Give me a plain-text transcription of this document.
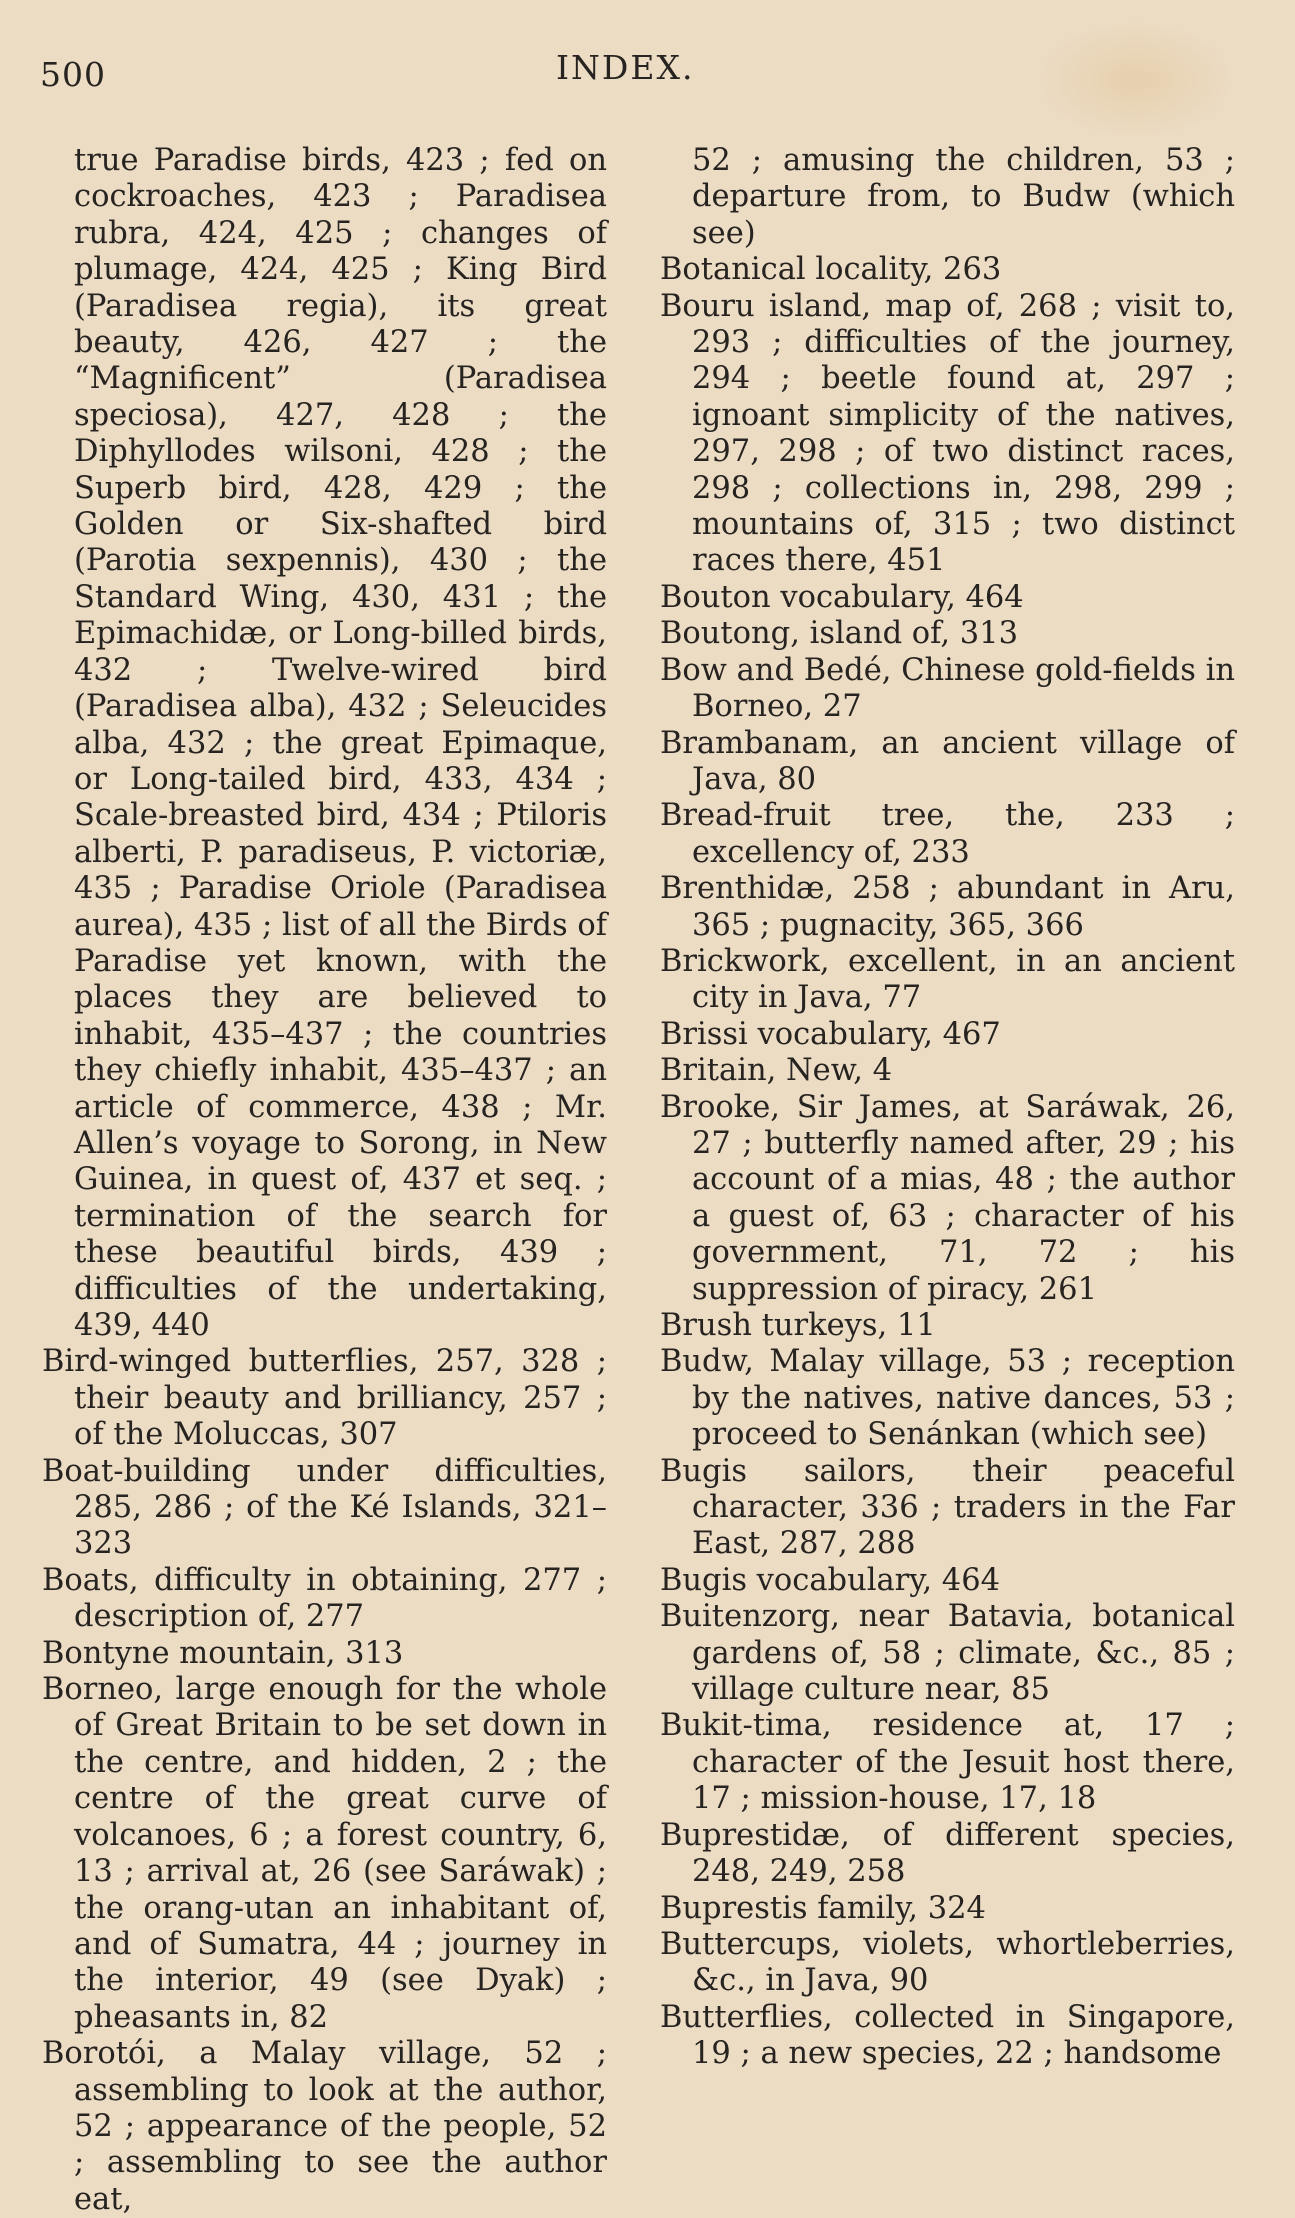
500	INDEX.

true Paradise birds, 423 ; fed on cockroaches, 423 ; Paradisea rubra, 424, 425 ; changes of plumage, 424, 425 ; King Bird (Paradisea regia), its great beauty, 426, 427 ; the “Magnificent” (Paradisea speciosa), 427, 428 ; the Diphyllodes wilsoni, 428 ; the Superb bird, 428, 429 ; the Golden or Six-shafted bird (Parotia sexpennis), 430 ; the Standard Wing, 430, 431 ; the Epimachidæ, or Long-billed birds, 432 ; Twelve-wired bird (Paradisea alba), 432 ; Seleucides alba, 432 ; the great Epimaque, or Long-tailed bird, 433, 434 ; Scale-breasted bird, 434 ; Ptiloris alberti, P. paradiseus, P. victoriæ, 435 ; Paradise Oriole (Paradisea aurea), 435 ; list of all the Birds of Paradise yet known, with the places they are believed to inhabit, 435–437 ; the countries they chiefly inhabit, 435–437 ; an article of commerce, 438 ; Mr. Allen’s voyage to Sorong, in New Guinea, in quest of, 437 et seq. ; termination of the search for these beautiful birds, 439 ; difficulties of the undertaking, 439, 440

Bird-winged butterflies, 257, 328 ; their beauty and brilliancy, 257 ; of the Moluccas, 307

Boat-building under difficulties, 285, 286 ; of the Ké Islands, 321–323

Boats, difficulty in obtaining, 277 ; description of, 277

Bontyne mountain, 313

Borneo, large enough for the whole of Great Britain to be set down in the centre, and hidden, 2 ; the centre of the great curve of volcanoes, 6 ; a forest country, 6, 13 ; arrival at, 26 (see Saráwak) ; the orang-utan an inhabitant of, and of Sumatra, 44 ; journey in the interior, 49 (see Dyak) ; pheasants in, 82

Borotói, a Malay village, 52 ; assembling to look at the author, 52 ; appearance of the people, 52 ; assembling to see the author eat,

52 ; amusing the children, 53 ; departure from, to Budw (which see)

Botanical locality, 263

Bouru island, map of, 268 ; visit to, 293 ; difficulties of the journey, 294 ; beetle found at, 297 ; ignoant simplicity of the natives, 297, 298 ; of two distinct races, 298 ; collections in, 298, 299 ; mountains of, 315 ; two distinct races there, 451

Bouton vocabulary, 464

Boutong, island of, 313

Bow and Bedé, Chinese gold-fields in Borneo, 27

Brambanam, an ancient village of Java, 80

Bread-fruit tree, the, 233 ; excellency of, 233

Brenthidæ, 258 ; abundant in Aru, 365 ; pugnacity, 365, 366

Brickwork, excellent, in an ancient city in Java, 77

Brissi vocabulary, 467

Britain, New, 4

Brooke, Sir James, at Saráwak, 26, 27 ; butterfly named after, 29 ; his account of a mias, 48 ; the author a guest of, 63 ; character of his government, 71, 72 ; his suppression of piracy, 261

Brush turkeys, 11

Budw, Malay village, 53 ; reception by the natives, native dances, 53 ; proceed to Senánkan (which see)

Bugis sailors, their peaceful character, 336 ; traders in the Far East, 287, 288

Bugis vocabulary, 464

Buitenzorg, near Batavia, botanical gardens of, 58 ; climate, &c., 85 ; village culture near, 85

Bukit-tima, residence at, 17 ; character of the Jesuit host there, 17 ; mission-house, 17, 18

Buprestidæ, of different species, 248, 249, 258

Buprestis family, 324

Buttercups, violets, whortleberries, &c., in Java, 90

Butterflies, collected in Singapore, 19 ; a new species, 22 ; handsome
